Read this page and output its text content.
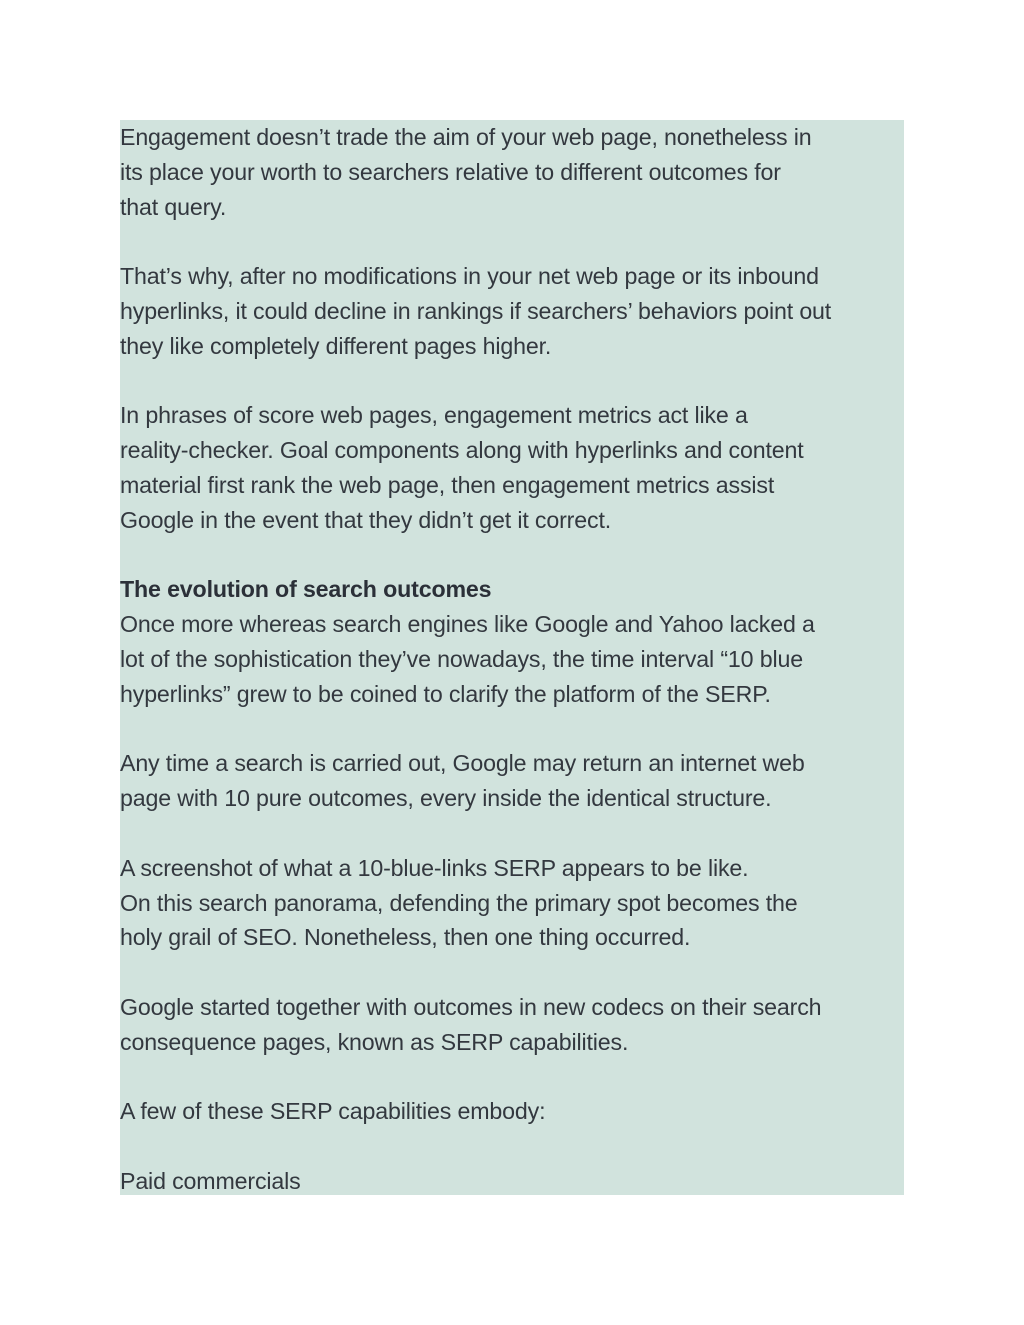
Engagement doesn’t trade the aim of your web page, nonetheless in
its place your worth to searchers relative to different outcomes for
that query.

That’s why, after no modifications in your net web page or its inbound
hyperlinks, it could decline in rankings if searchers’ behaviors point out
they like completely different pages higher.

In phrases of score web pages, engagement metrics act like a
reality-checker. Goal components along with hyperlinks and content
material first rank the web page, then engagement metrics assist
Google in the event that they didn’t get it correct.

The evolution of search outcomes

Once more whereas search engines like Google and Yahoo lacked a
lot of the sophistication they’ve nowadays, the time interval “10 blue
hyperlinks” grew to be coined to clarify the platform of the SERP.

Any time a search is carried out, Google may return an internet web
page with 10 pure outcomes, every inside the identical structure.

A screenshot of what a 10-blue-links SERP appears to be like.
On this search panorama, defending the primary spot becomes the
holy grail of SEO. Nonetheless, then one thing occurred.

Google started together with outcomes in new codecs on their search
consequence pages, known as SERP capabilities.

A few of these SERP capabilities embody:

Paid commercials
